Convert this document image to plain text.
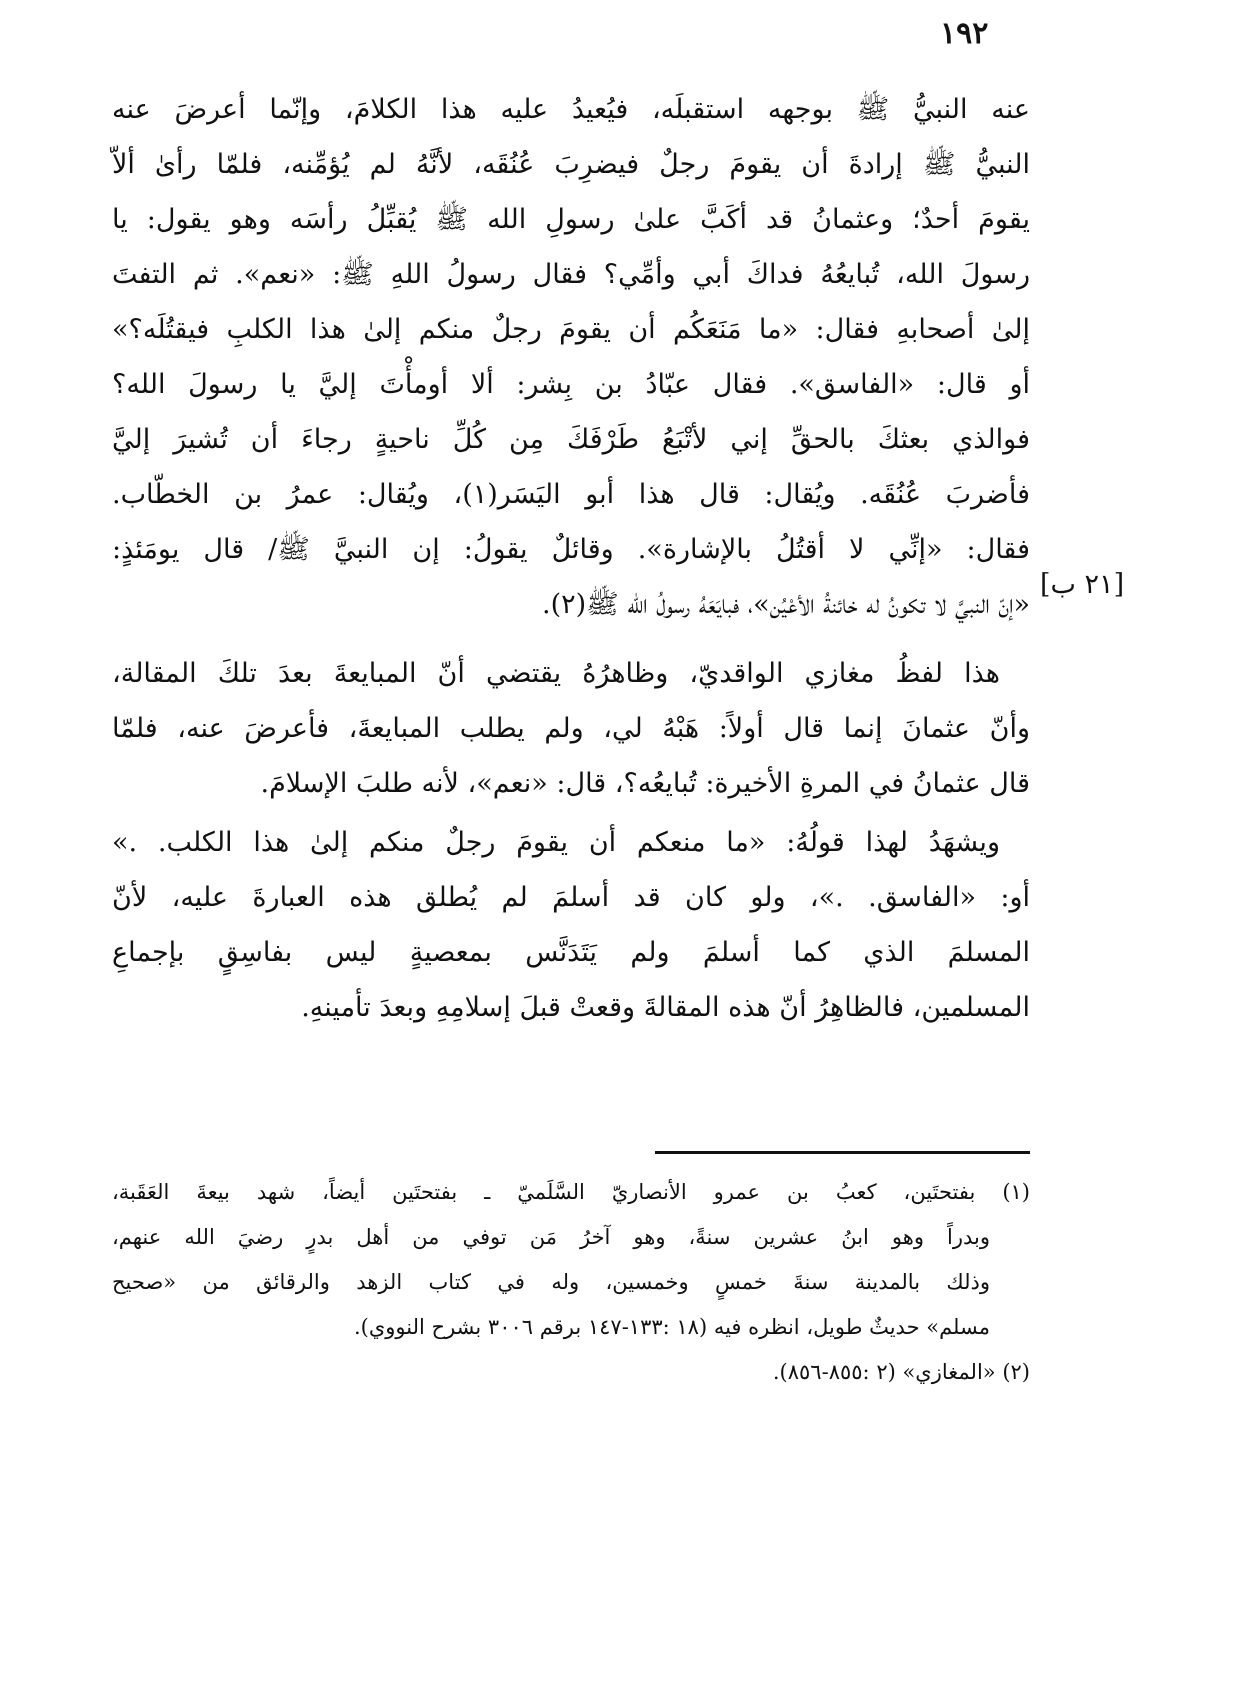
١٩٢
[٢١ ب]
عنه النبيُّ ﷺ بوجهه استقبلَه، فيُعيدُ عليه هذا الكلامَ، وإنّما أعرضَ عنه
النبيُّ ﷺ إرادةَ أن يقومَ رجلٌ فيضرِبَ عُنُقَه، لأنَّهُ لم يُؤمِّنه، فلمّا رأىٰ ألاّ
يقومَ أحدٌ؛ وعثمانُ قد أكَبَّ علىٰ رسولِ الله ﷺ يُقبِّلُ رأسَه وهو يقول: يا
رسولَ الله، تُبايعُهُ فداكَ أبي وأمِّي؟ فقال رسولُ اللهِ ﷺ: «نعم». ثم التفتَ
إلىٰ أصحابهِ فقال: «ما مَنَعَكُم أن يقومَ رجلٌ منكم إلىٰ هذا الكلبِ فيقتُلَه؟»
أو قال: «الفاسق». فقال عبّادُ بن بِشر: ألا أومأْتَ إليَّ يا رسولَ الله؟
فوالذي بعثكَ بالحقِّ إني لأتْبَعُ طَرْفَكَ مِن كُلِّ ناحيةٍ رجاءَ أن تُشيرَ إليَّ
فأضربَ عُنُقَه. ويُقال: قال هذا أبو اليَسَر(١)، ويُقال: عمرُ بن الخطّاب.
فقال: «إنِّي لا أقتُلُ بالإشارة». وقائلٌ يقولُ: إن النبيَّ ﷺ/ قال يومَئذٍ:
«إنّ النبيَّ لا تكونُ له خائنةُ الأعْيُن»، فبايَعَهُ رسولُ الله ﷺ(٢).
هذا لفظُ مغازي الواقديّ، وظاهرُهُ يقتضي أنّ المبايعةَ بعدَ تلكَ المقالة،
وأنّ عثمانَ إنما قال أولاً: هَبْهُ لي، ولم يطلب المبايعةَ، فأعرضَ عنه، فلمّا
قال عثمانُ في المرةِ الأخيرة: تُبايعُه؟، قال: «نعم»، لأنه طلبَ الإسلامَ.
ويشهَدُ لهذا قولُهُ: «ما منعكم أن يقومَ رجلٌ منكم إلىٰ هذا الكلب. .»
أو: «الفاسق. .»، ولو كان قد أسلمَ لم يُطلق هذه العبارةَ عليه، لأنّ
المسلمَ الذي كما أسلمَ ولم يَتَدَنَّس بمعصيةٍ ليس بفاسِقٍ بإجماعِ
المسلمين، فالظاهِرُ أنّ هذه المقالةَ وقعتْ قبلَ إسلامِهِ وبعدَ تأمينهِ.
(١) بفتحتَين، كعبُ بن عمرو الأنصاريّ السَّلَميّ ـ بفتحتَين أيضاً، شهد بيعةَ العَقَبة،
وبدراً وهو ابنُ عشرين سنةً، وهو آخرُ مَن توفي من أهل بدرٍ رضيَ الله عنهم،
وذلك بالمدينة سنةَ خمسٍ وخمسين، وله في كتاب الزهد والرقائق من «صحيح
مسلم» حديثٌ طويل، انظره فيه (١٨ :١٣٣-١٤٧ برقم ٣٠٠٦ بشرح النووي).
(٢) «المغازي» (٢ :٨٥٥-٨٥٦).
